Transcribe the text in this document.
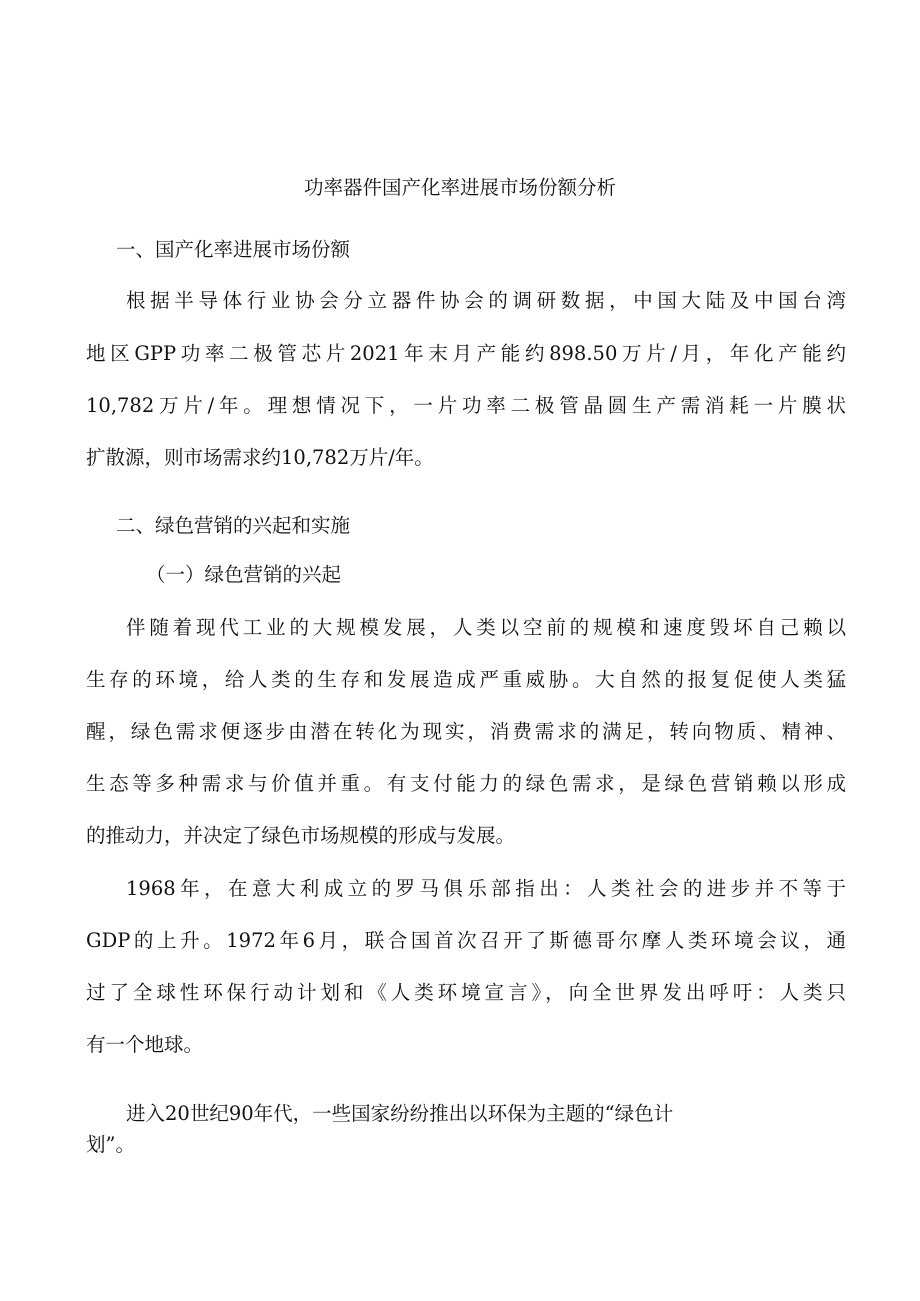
功率器件国产化率进展市场份额分析
一、国产化率进展市场份额
根据半导体行业协会分立器件协会的调研数据，中国大陆及中国台湾
地区GPP功率二极管芯片2021年末月产能约898.50万片/月，年化产能约
10,782万片/年。理想情况下，一片功率二极管晶圆生产需消耗一片膜状
扩散源，则市场需求约10,782万片/年。
二、绿色营销的兴起和实施
（一）绿色营销的兴起
伴随着现代工业的大规模发展，人类以空前的规模和速度毁坏自己赖以
生存的环境，给人类的生存和发展造成严重威胁。大自然的报复促使人类猛
醒，绿色需求便逐步由潜在转化为现实，消费需求的满足，转向物质、精神、
生态等多种需求与价值并重。有支付能力的绿色需求，是绿色营销赖以形成
的推动力，并决定了绿色市场规模的形成与发展。
1968年，在意大利成立的罗马俱乐部指出：人类社会的进步并不等于
GDP的上升。1972年6月，联合国首次召开了斯德哥尔摩人类环境会议，通
过了全球性环保行动计划和《人类环境宣言》，向全世界发出呼吁：人类只
有一个地球。
进入20世纪90年代，一些国家纷纷推出以环保为主题的“绿色计
划”。
